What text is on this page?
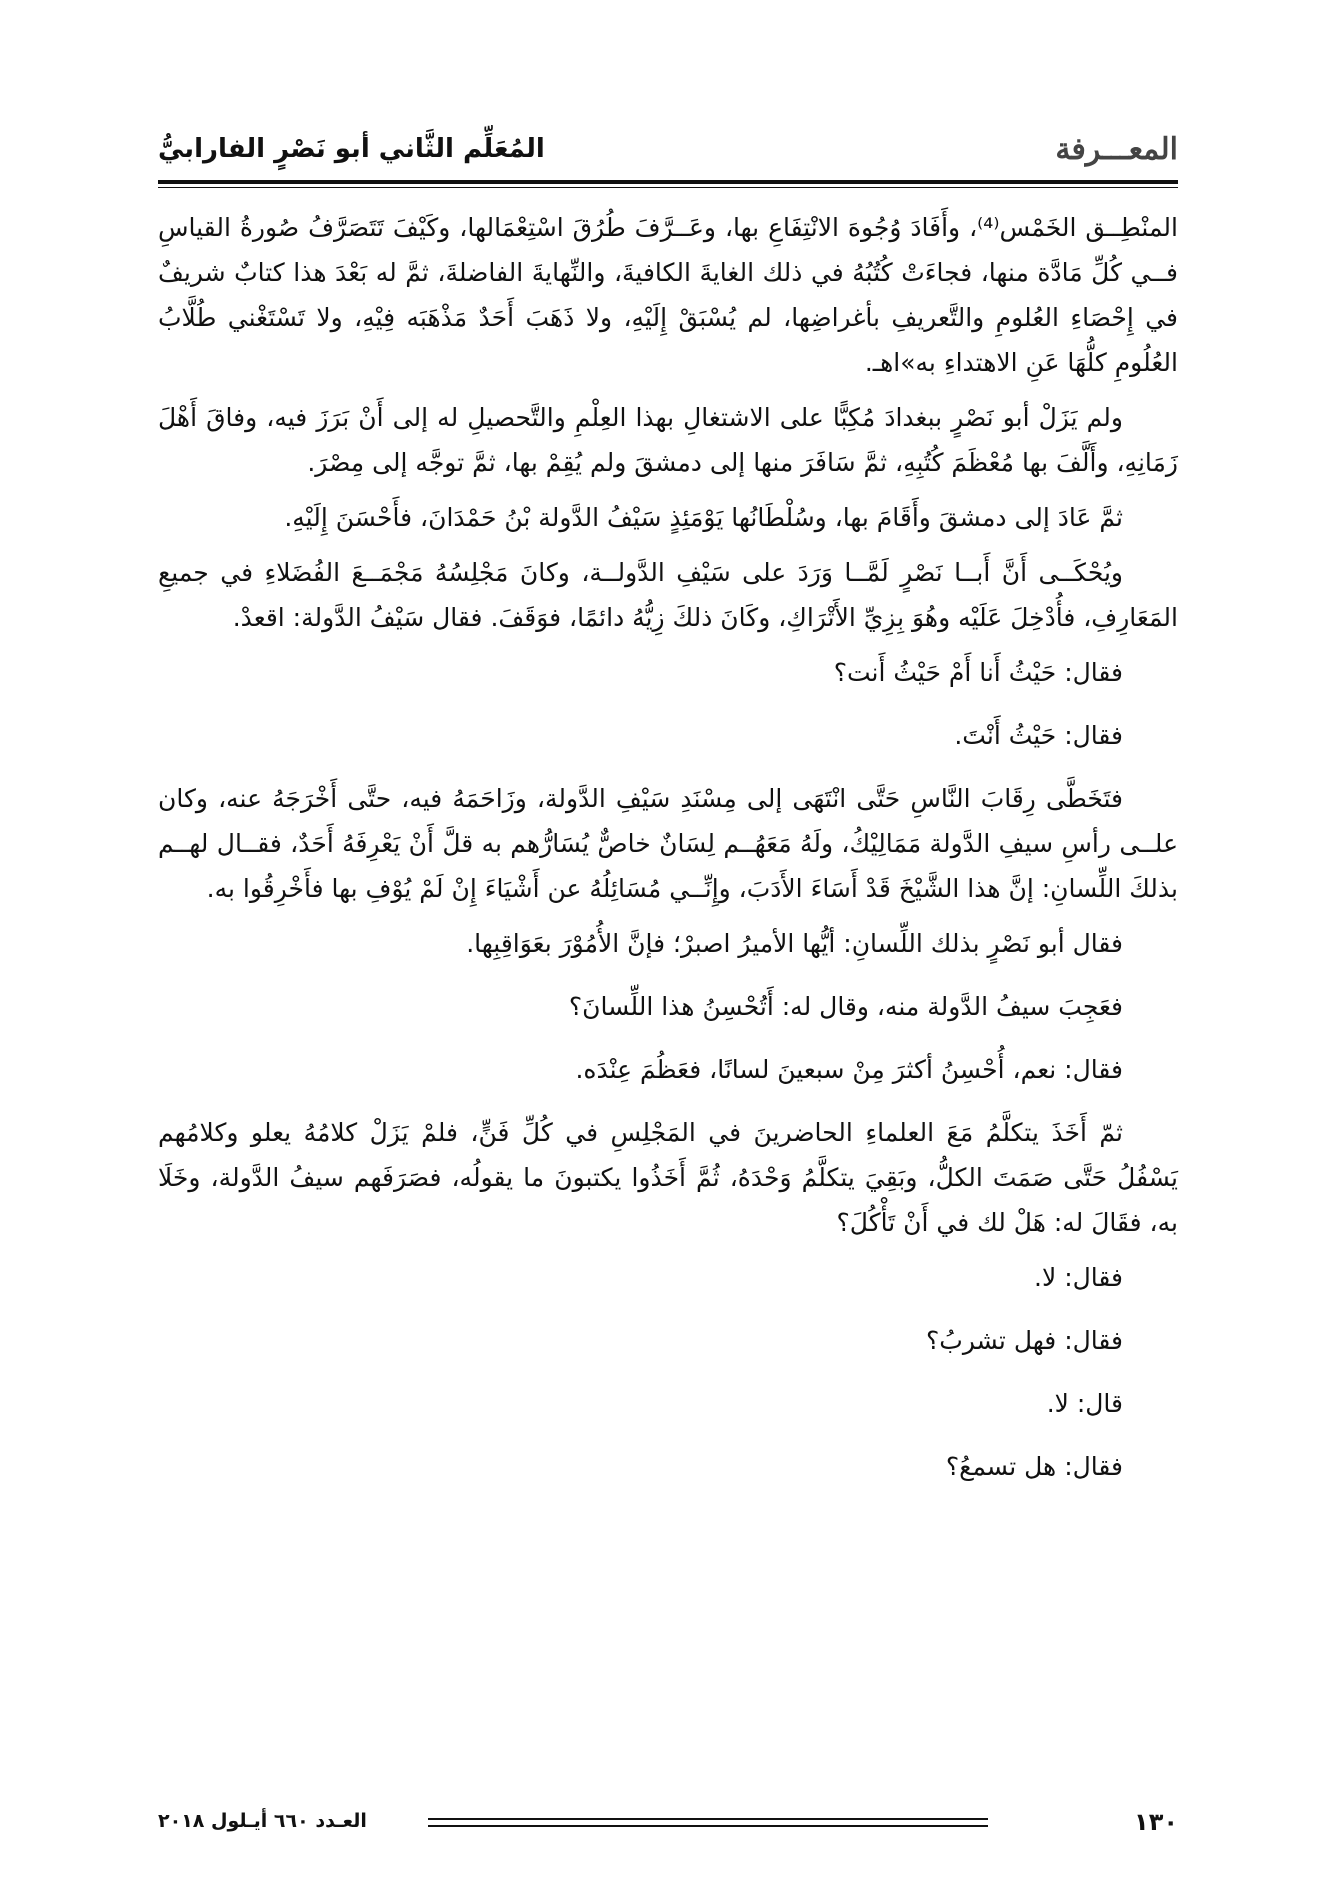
المعـــرفة
المُعَلِّم الثَّاني أبو نَصْرٍ الفارابيُّ

المنْطِــق الخَمْس⁽⁴⁾، وأَفَادَ وُجُوهَ الانْتِفَاعِ بها، وعَــرَّفَ طُرُقَ اسْتِعْمَالها، وكَيْفَ تَتَصَرَّفُ صُورةُ القياسِ فــي كُلِّ مَادَّة منها، فجاءَتْ كُتُبُهُ في ذلك الغايةَ الكافيةَ، والنِّهايةَ الفاضلةَ، ثمَّ له بَعْدَ هذا كتابٌ شريفٌ في إِحْصَاءِ العُلومِ والتَّعريفِ بأغراضِها، لم يُسْبَقْ إِلَيْهِ، ولا ذَهَبَ أَحَدٌ مَذْهَبَه فِيْهِ، ولا تَسْتَغْني طُلَّابُ العُلُومِ كلُّهَا عَنِ الاهتداءِ به»اهـ.

ولم يَزَلْ أبو نَصْرٍ ببغدادَ مُكِبًّا على الاشتغالِ بهذا العِلْمِ والتَّحصيلِ له إلى أَنْ بَرَزَ فيه، وفاقَ أَهْلَ زَمَانِهِ، وأَلَّفَ بها مُعْظَمَ كُتُبِهِ، ثمَّ سَافَرَ منها إلى دمشقَ ولم يُقِمْ بها، ثمَّ توجَّه إلى مِصْرَ.

ثمَّ عَادَ إلى دمشقَ وأَقَامَ بها، وسُلْطَانُها يَوْمَئِذٍ سَيْفُ الدَّولة بْنُ حَمْدَانَ، فأَحْسَنَ إِلَيْهِ.

ويُحْكَــى أَنَّ أَبــا نَصْرٍ لَمَّــا وَرَدَ على سَيْفِ الدَّولــة، وكانَ مَجْلِسُهُ مَجْمَــعَ الفُضَلاءِ في جميعِ المَعَارِفِ، فأُدْخِلَ عَلَيْه وهُوَ بِزِيِّ الأَتْرَاكِ، وكَانَ ذلكَ زِيُّهُ دائمًا، فوَقَفَ. فقال سَيْفُ الدَّولة: اقعدْ.

فقال: حَيْثُ أَنا أَمْ حَيْثُ أَنت؟

فقال: حَيْثُ أَنْتَ.

فتَخَطَّى رِقَابَ النَّاسِ حَتَّى انْتَهَى إلى مِسْنَدِ سَيْفِ الدَّولة، وزَاحَمَهُ فيه، حتَّى أَخْرَجَهُ عنه، وكان علــى رأسِ سيفِ الدَّولة مَمَالِيْكُ، ولَهُ مَعَهُــم لِسَانٌ خاصٌّ يُسَارُّهم به قلَّ أَنْ يَعْرِفَهُ أَحَدٌ، فقــال لهــم بذلكَ اللِّسانِ: إنَّ هذا الشَّيْخَ قَدْ أَسَاءَ الأَدَبَ، وإِنِّــي مُسَائِلُهُ عن أَشْيَاءَ إِنْ لَمْ يُوْفِ بها فأَخْرِقُوا به.

فقال أبو نَصْرٍ بذلك اللِّسانِ: أيُّها الأميرُ اصبرْ؛ فإنَّ الأُمُوْرَ بعَوَاقِبِها.

فعَجِبَ سيفُ الدَّولة منه، وقال له: أَتُحْسِنُ هذا اللِّسانَ؟

فقال: نعم، أُحْسِنُ أكثرَ مِنْ سبعينَ لسانًا، فعَظُمَ عِنْدَه.

ثمّ أَخَذَ يتكلَّمُ مَعَ العلماءِ الحاضرينَ في المَجْلِسِ في كُلِّ فَنٍّ، فلمْ يَزَلْ كلامُهُ يعلو وكلامُهم يَسْفُلُ حَتَّى صَمَتَ الكلُّ، وبَقِيَ يتكلَّمُ وَحْدَهُ، ثُمَّ أَخَذُوا يكتبونَ ما يقولُه، فصَرَفَهم سيفُ الدَّولة، وخَلَا به، فقَالَ له: هَلْ لك في أَنْ تَأْكُلَ؟

فقال: لا.

فقال: فهل تشربُ؟

قال: لا.

فقال: هل تسمعُ؟

١٣٠
العـدد ٦٦٠ أيـلول ٢٠١٨
